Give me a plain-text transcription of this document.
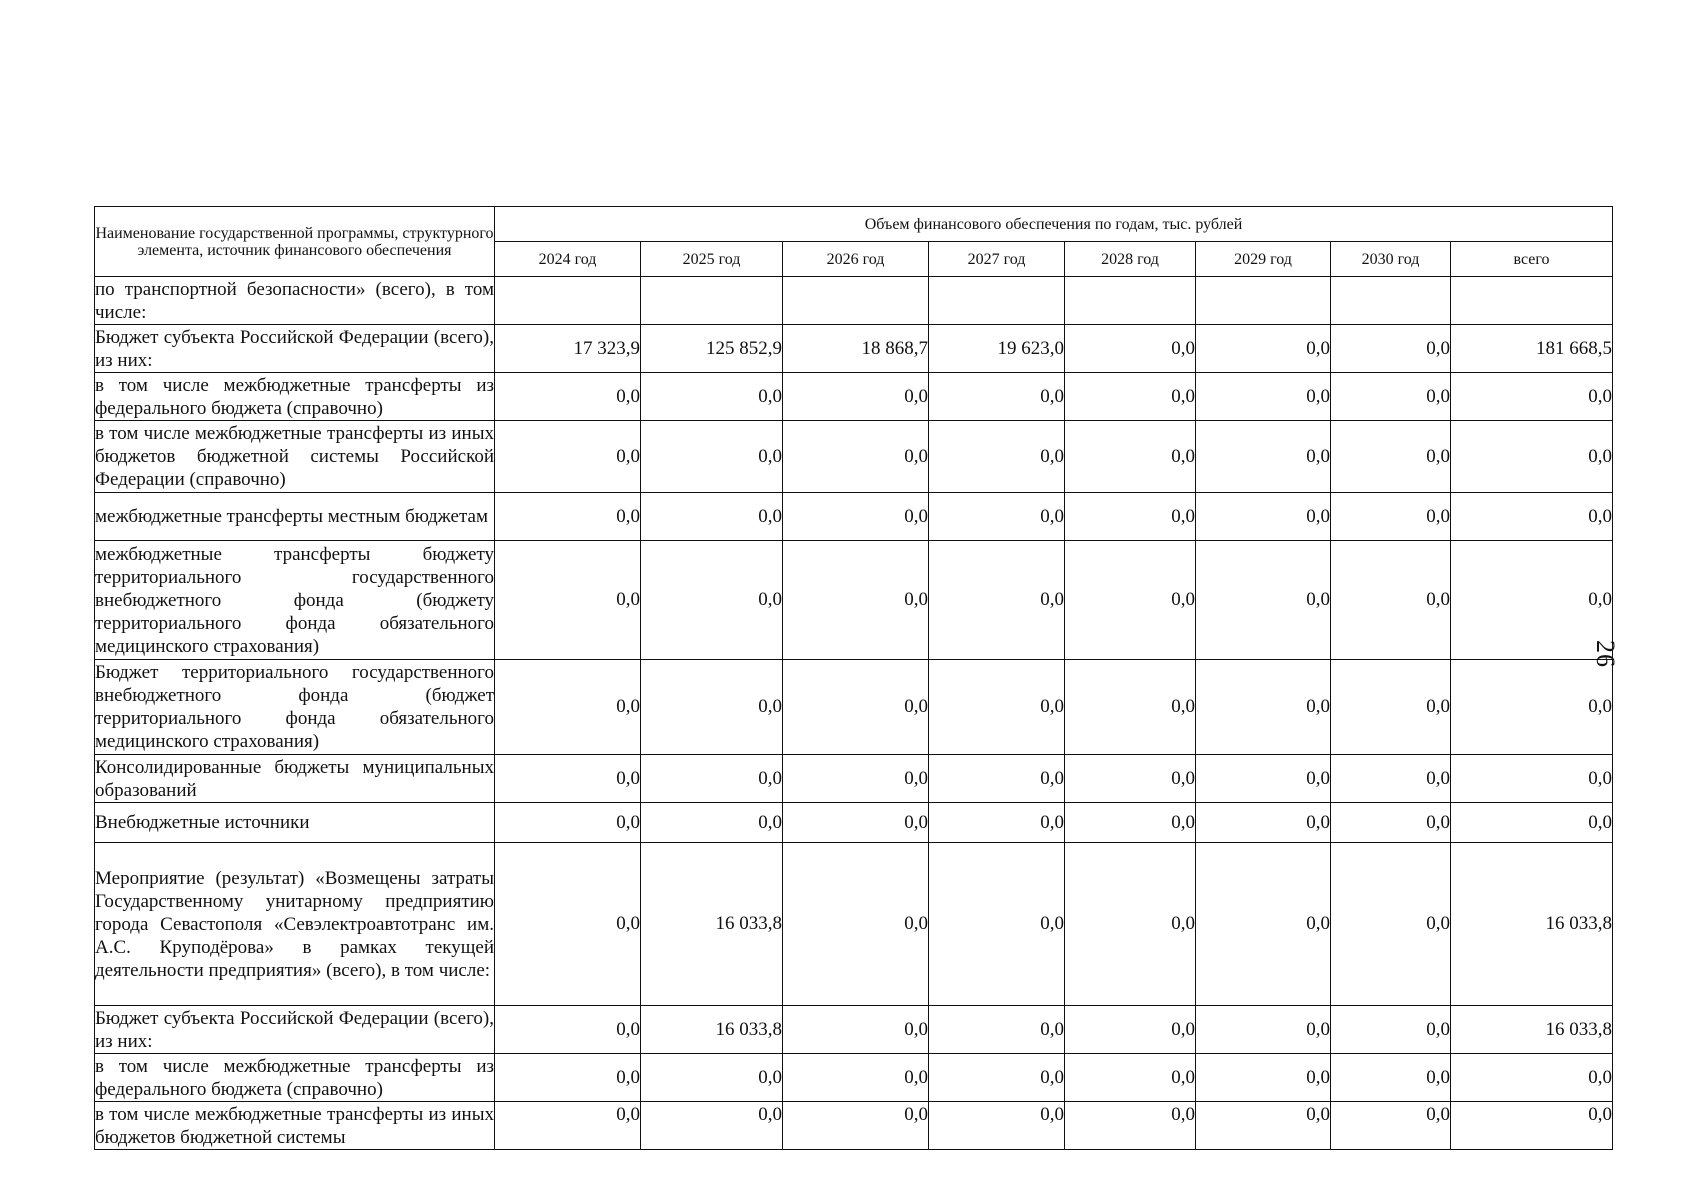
26
Наименование государственной программы, структурного элемента, источник финансового обеспечения	Объем финансового обеспечения по годам, тыс. рублей							
	2024 год	2025 год	2026 год	2027 год	2028 год	2029 год	2030 год	всего
по транспортной безопасности» (всего), в том числе:								
Бюджет субъекта Российской Федерации (всего), из них:	17 323,9	125 852,9	18 868,7	19 623,0	0,0	0,0	0,0	181 668,5
в том числе межбюджетные трансферты из федерального бюджета (справочно)	0,0	0,0	0,0	0,0	0,0	0,0	0,0	0,0
в том числе межбюджетные трансферты из иных бюджетов бюджетной системы Российской Федерации (справочно)	0,0	0,0	0,0	0,0	0,0	0,0	0,0	0,0
межбюджетные трансферты местным бюджетам	0,0	0,0	0,0	0,0	0,0	0,0	0,0	0,0
межбюджетные трансферты бюджету территориального государственного внебюджетного фонда (бюджету территориального фонда обязательного медицинского страхования)	0,0	0,0	0,0	0,0	0,0	0,0	0,0	0,0
Бюджет территориального государственного внебюджетного фонда (бюджет территориального фонда обязательного медицинского страхования)	0,0	0,0	0,0	0,0	0,0	0,0	0,0	0,0
Консолидированные бюджеты муниципальных образований	0,0	0,0	0,0	0,0	0,0	0,0	0,0	0,0
Внебюджетные источники	0,0	0,0	0,0	0,0	0,0	0,0	0,0	0,0
Мероприятие (результат) «Возмещены затраты Государственному унитарному предприятию города Севастополя «Севэлектроавтотранс им. А.С. Круподёрова» в рамках текущей деятельности предприятия» (всего), в том числе:	0,0	16 033,8	0,0	0,0	0,0	0,0	0,0	16 033,8
Бюджет субъекта Российской Федерации (всего), из них:	0,0	16 033,8	0,0	0,0	0,0	0,0	0,0	16 033,8
в том числе межбюджетные трансферты из федерального бюджета (справочно)	0,0	0,0	0,0	0,0	0,0	0,0	0,0	0,0
в том числе межбюджетные трансферты из иных бюджетов бюджетной системы	0,0	0,0	0,0	0,0	0,0	0,0	0,0	0,0
